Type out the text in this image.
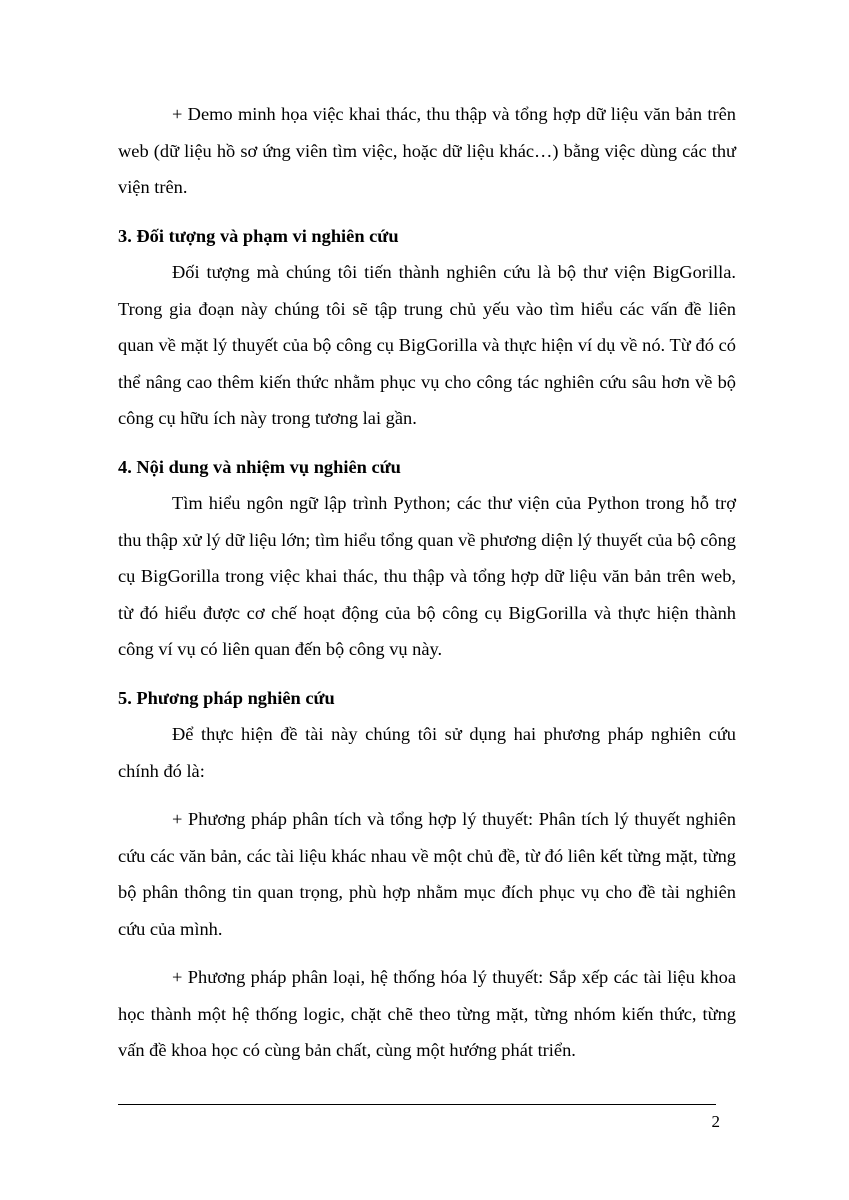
+ Demo minh họa việc khai thác, thu thập và tổng hợp dữ liệu văn bản trên web (dữ liệu hồ sơ ứng viên tìm việc, hoặc dữ liệu khác…) bằng việc dùng các thư viện trên.

3. Đối tượng và phạm vi nghiên cứu

Đối tượng mà chúng tôi tiến thành nghiên cứu là bộ thư viện BigGorilla. Trong gia đoạn này chúng tôi sẽ tập trung chủ yếu vào tìm hiểu các vấn đề liên quan về mặt lý thuyết của bộ công cụ BigGorilla và thực hiện ví dụ về nó. Từ đó có thể nâng cao thêm kiến thức nhằm phục vụ cho công tác nghiên cứu sâu hơn về bộ công cụ hữu ích này trong tương lai gần.

4. Nội dung và nhiệm vụ nghiên cứu

Tìm hiểu ngôn ngữ lập trình Python; các thư viện của Python trong hỗ trợ thu thập xử lý dữ liệu lớn; tìm hiểu tổng quan về phương diện lý thuyết của bộ công cụ BigGorilla trong việc khai thác, thu thập và tổng hợp dữ liệu văn bản trên web, từ đó hiểu được cơ chế hoạt động của bộ công cụ BigGorilla và thực hiện thành công ví vụ có liên quan đến bộ công vụ này.

5. Phương pháp nghiên cứu

Để thực hiện đề tài này chúng tôi sử dụng hai phương pháp nghiên cứu chính đó là:

+ Phương pháp phân tích và tổng hợp lý thuyết: Phân tích lý thuyết nghiên cứu các văn bản, các tài liệu khác nhau về một chủ đề, từ đó liên kết từng mặt, từng bộ phân thông tin quan trọng, phù hợp nhằm mục đích phục vụ cho đề tài nghiên cứu của mình.

+ Phương pháp phân loại, hệ thống hóa lý thuyết: Sắp xếp các tài liệu khoa học thành một hệ thống logic, chặt chẽ theo từng mặt, từng nhóm kiến thức, từng vấn đề khoa học có cùng bản chất, cùng một hướng phát triển.

2
